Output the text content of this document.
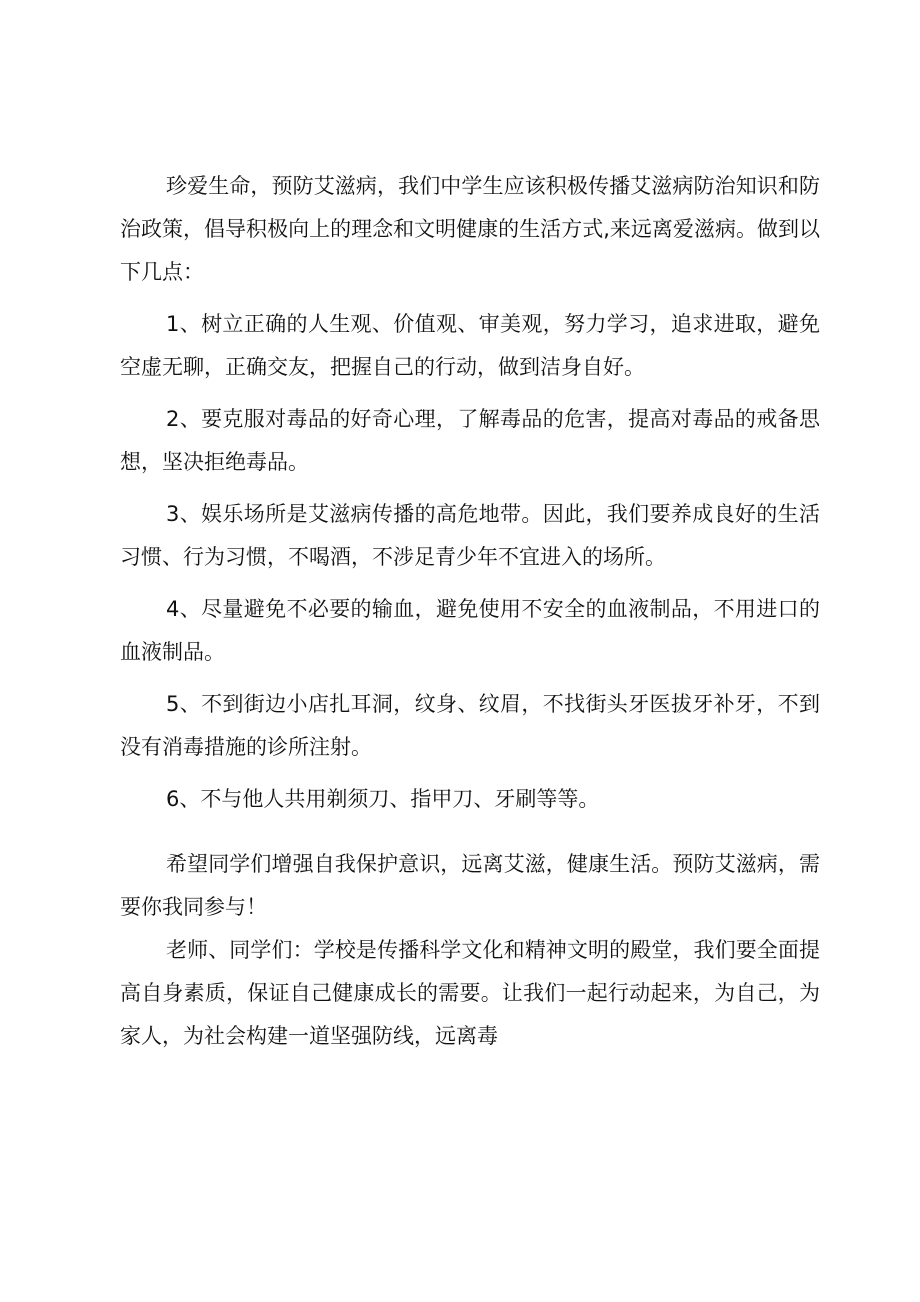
珍爱生命，预防艾滋病，我们中学生应该积极传播艾滋病防治知识和防治政策，倡导积极向上的理念和文明健康的生活方式,来远离爱滋病。做到以下几点：

1、树立正确的人生观、价值观、审美观，努力学习，追求进取，避免空虚无聊，正确交友，把握自己的行动，做到洁身自好。

2、要克服对毒品的好奇心理，了解毒品的危害，提高对毒品的戒备思想，坚决拒绝毒品。

3、娱乐场所是艾滋病传播的高危地带。因此，我们要养成良好的生活习惯、行为习惯，不喝酒，不涉足青少年不宜进入的场所。

4、尽量避免不必要的输血，避免使用不安全的血液制品，不用进口的血液制品。

5、不到街边小店扎耳洞，纹身、纹眉，不找街头牙医拔牙补牙，不到没有消毒措施的诊所注射。

6、不与他人共用剃须刀、指甲刀、牙刷等等。

希望同学们增强自我保护意识，远离艾滋，健康生活。预防艾滋病，需要你我同参与！

老师、同学们：学校是传播科学文化和精神文明的殿堂，我们要全面提高自身素质，保证自己健康成长的需要。让我们一起行动起来，为自己，为家人，为社会构建一道坚强防线，远离毒
